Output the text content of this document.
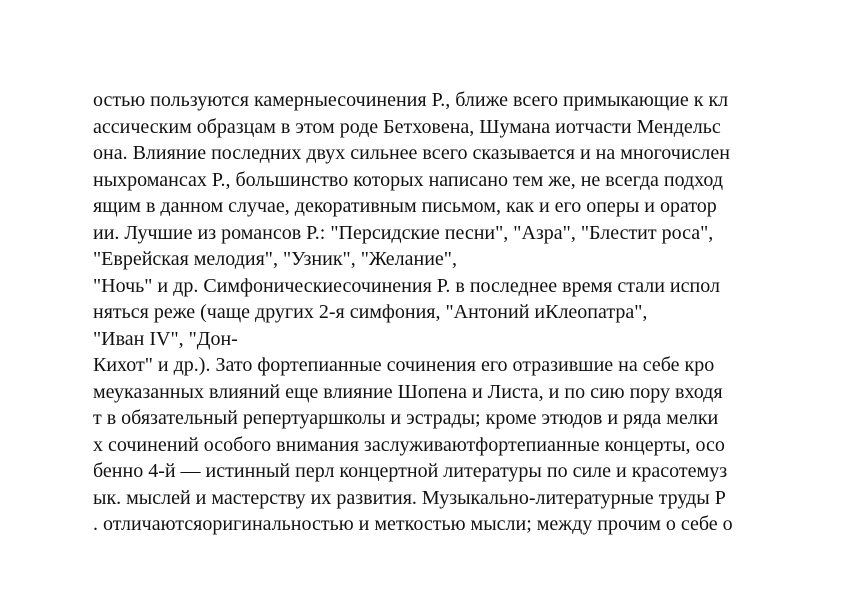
остью пользуются камерныесочинения Р., ближе всего примыкающие к кл

ассическим образцам в этом роде Бетховена, Шумана иотчасти Мендельс

она. Влияние последних двух сильнее всего сказывается и на многочислен

ныхромансах Р., большинство которых написано тем же, не всегда подход

ящим в данном случае, декоративным письмом, как и его оперы и оратор

ии. Лучшие из романсов Р.: "Персидские песни", "Азра", "Блестит роса",

"Еврейская мелодия", "Узник", "Желание",

"Ночь" и др. Симфоническиесочинения Р. в последнее время стали испол

няться реже (чаще других 2-я симфония, "Антоний иКлеопатра",

"Иван IV", "Дон-

Кихот" и др.). Зато фортепианные сочинения его отразившие на себе кро

меуказанных влияний еще влияние Шопена и Листа, и по сию пору входя

т в обязательный репертуаршколы и эстрады; кроме этюдов и ряда мелки

х сочинений особого внимания заслуживаютфортепианные концерты, осо

бенно 4-й — истинный перл концертной литературы по силе и красотемуз

ык. мыслей и мастерству их развития. Музыкально-литературные труды Р

. отличаютсяоригинальностью и меткостью мысли; между прочим о себе о
